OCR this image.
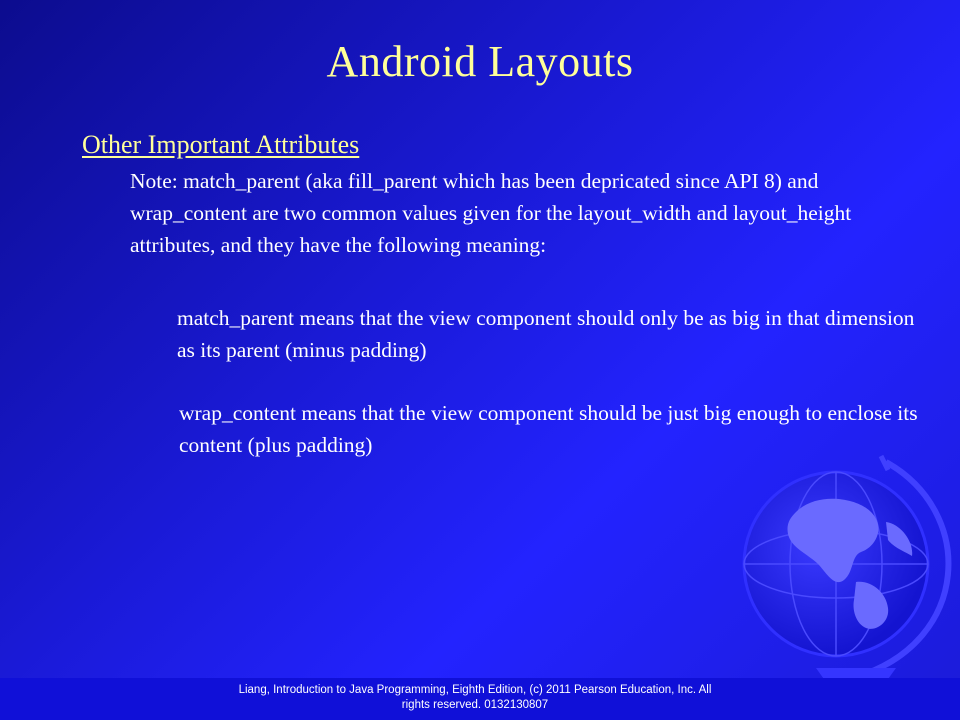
Android Layouts
Other Important Attributes
Note: match_parent (aka fill_parent which has been depricated since API 8) and wrap_content are two common values given for the layout_width and layout_height attributes, and they have the following meaning:
match_parent means that the view component should only be as big in that dimension as its parent (minus padding)
wrap_content means that the view component should be just big enough to enclose its content (plus padding)
Liang, Introduction to Java Programming, Eighth Edition, (c) 2011 Pearson Education, Inc. All
rights reserved. 0132130807
